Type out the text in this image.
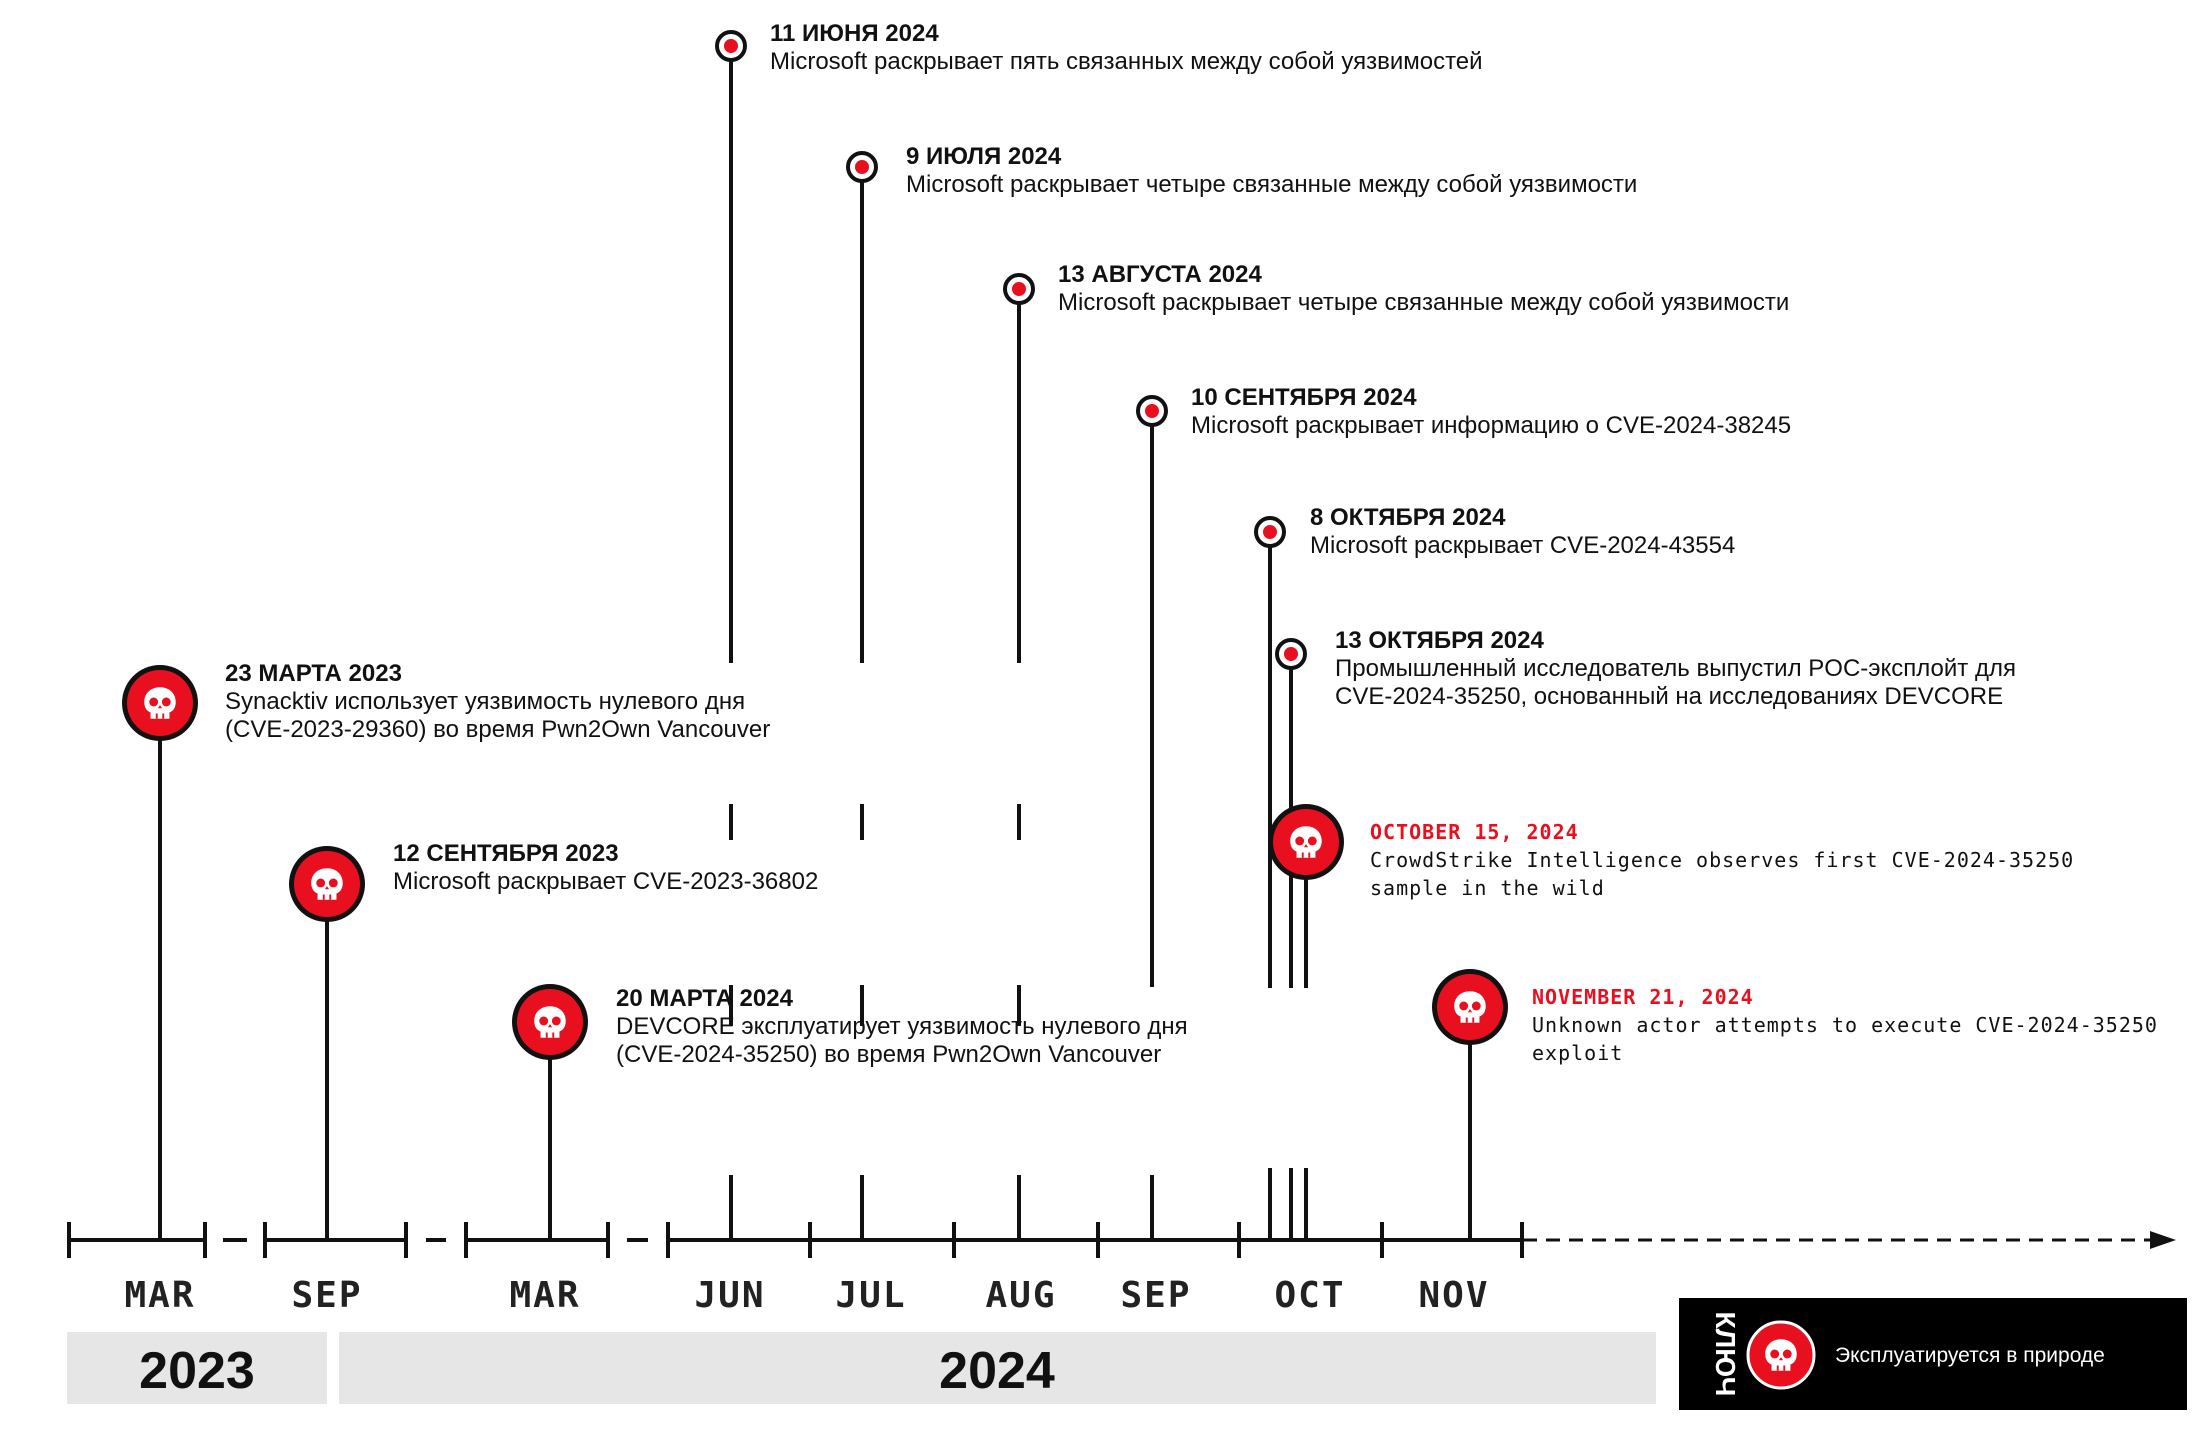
2023	2024
MAR	SEP	MAR	JUN JUL AUG SEP OCT NOV
23 МАРТА 2023
Synacktiv использует уязвимость нулевого дня
(CVE-2023-29360) во время Pwn2Own Vancouver
12 СЕНТЯБРЯ 2023
Microsoft раскрывает CVE-2023-36802
20 МАРТА 2024
DEVCORE эксплуатирует уязвимость нулевого дня
(CVE-2024-35250) во время Pwn2Own Vancouver
11 ИЮНЯ 2024
Microsoft раскрывает пять связанных между собой уязвимостей
9 ИЮЛЯ 2024
Microsoft раскрывает четыре связанные между собой уязвимости
13 АВГУСТА 2024
Microsoft раскрывает четыре связанные между собой уязвимости
10 СЕНТЯБРЯ 2024
Microsoft раскрывает информацию о CVE-2024-38245
8 ОКТЯБРЯ 2024
Microsoft раскрывает CVE-2024-43554
13 ОКТЯБРЯ 2024
Промышленный исследователь выпустил POC-эксплойт для
CVE-2024-35250, основанный на исследованиях DEVCORE
OCTOBER 15, 2024
CrowdStrike Intelligence observes first CVE-2024-35250
sample in the wild
NOVEMBER 21, 2024
Unknown actor attempts to execute CVE-2024-35250
exploit
КЛЮЧ	Эксплуатируется в природе
